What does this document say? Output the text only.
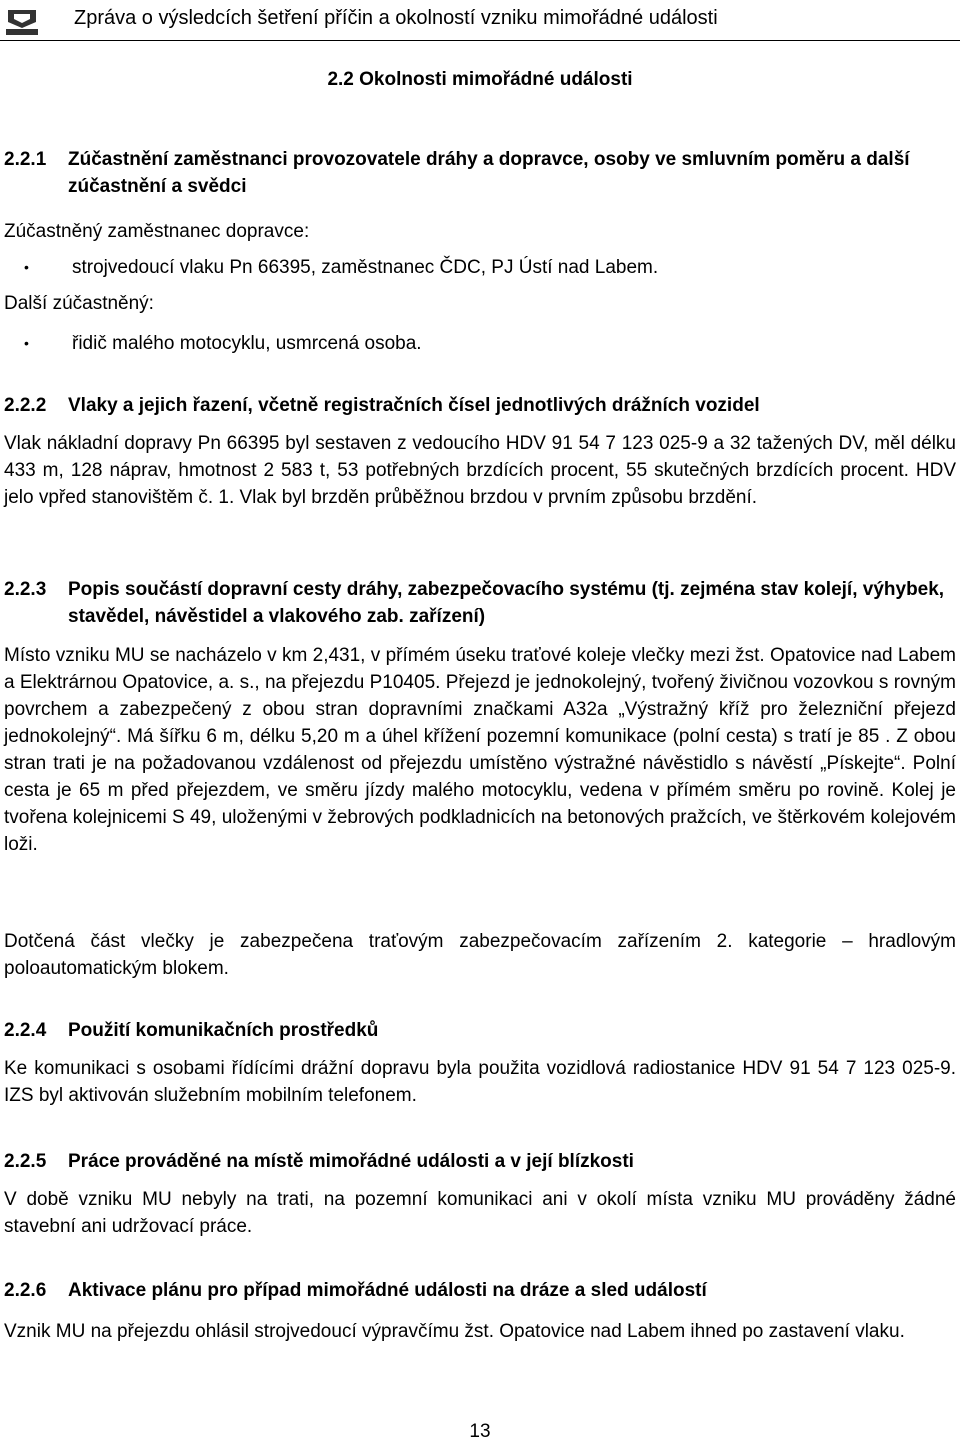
Zpráva o výsledcích šetření příčin a okolností vzniku mimořádné události
2.2 Okolnosti mimořádné události
2.2.1 Zúčastnění zaměstnanci provozovatele dráhy a dopravce, osoby ve smluvním poměru a další zúčastnění a svědci
Zúčastněný zaměstnanec dopravce:
• strojvedoucí vlaku Pn 66395, zaměstnanec ČDC, PJ Ústí nad Labem.
Další zúčastněný:
• řidič malého motocyklu, usmrcená osoba.
2.2.2 Vlaky a jejich řazení, včetně registračních čísel jednotlivých drážních vozidel

Vlak nákladní dopravy Pn 66395 byl sestaven z vedoucího HDV 91 54 7 123 025-9 a 32 tažených DV, měl délku 433 m, 128 náprav, hmotnost 2 583 t, 53 potřebných brzdících procent, 55 skutečných brzdících procent. HDV jelo vpřed stanovištěm č. 1. Vlak byl brzděn průběžnou brzdou v prvním způsobu brzdění.

2.2.3 Popis součástí dopravní cesty dráhy, zabezpečovacího systému (tj. zejména stav kolejí, výhybek, stavědel, návěstidel a vlakového zab. zařízení)

Místo vzniku MU se nacházelo v km 2,431, v přímém úseku traťové koleje vlečky mezi žst. Opatovice nad Labem a Elektrárnou Opatovice, a. s., na přejezdu P10405. Přejezd je jednokolejný, tvořený živičnou vozovkou s rovným povrchem a zabezpečený z obou stran dopravními značkami A32a „Výstražný kříž pro železniční přejezd jednokolejný“. Má šířku 6 m, délku 5,20 m a úhel křížení pozemní komunikace (polní cesta) s tratí je 85 . Z obou stran trati je na požadovanou vzdálenost od přejezdu umístěno výstražné návěstidlo s návěstí „Pískejte“. Polní cesta je 65 m před přejezdem, ve směru jízdy malého motocyklu, vedena v přímém směru po rovině. Kolej je tvořena kolejnicemi S 49, uloženými v žebrových podkladnicích na betonových pražcích, ve štěrkovém kolejovém loži.

Dotčená část vlečky je zabezpečena traťovým zabezpečovacím zařízením 2. kategorie – hradlovým poloautomatickým blokem.

2.2.4 Použití komunikačních prostředků

Ke komunikaci s osobami řídícími drážní dopravu byla použita vozidlová radiostanice HDV 91 54 7 123 025-9. IZS byl aktivován služebním mobilním telefonem.

2.2.5 Práce prováděné na místě mimořádné události a v její blízkosti

V době vzniku MU nebyly na trati, na pozemní komunikaci ani v okolí místa vzniku MU prováděny žádné stavební ani udržovací práce.

2.2.6 Aktivace plánu pro případ mimořádné události na dráze a sled událostí

Vznik MU na přejezdu ohlásil strojvedoucí výpravčímu žst. Opatovice nad Labem ihned po zastavení vlaku.

13
